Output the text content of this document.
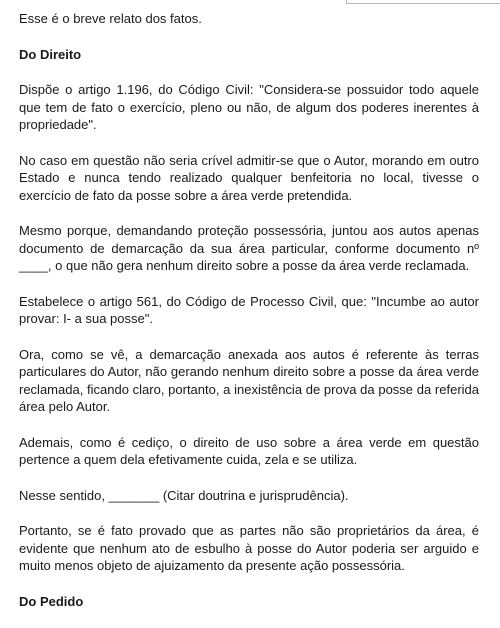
Esse é o breve relato dos fatos.

Do Direito

Dispõe o artigo 1.196, do Código Civil: "Considera-se possuidor todo aquele que tem de fato o exercício, pleno ou não, de algum dos poderes inerentes à propriedade".

No caso em questão não seria crível admitir-se que o Autor, morando em outro Estado e nunca tendo realizado qualquer benfeitoria no local, tivesse o exercício de fato da posse sobre a área verde pretendida.

Mesmo porque, demandando proteção possessória, juntou aos autos apenas documento de demarcação da sua área particular, conforme documento nº ____, o que não gera nenhum direito sobre a posse da área verde reclamada.

Estabelece o artigo 561, do Código de Processo Civil, que: "Incumbe ao autor provar: I- a sua posse".

Ora, como se vê, a demarcação anexada aos autos é referente às terras particulares do Autor, não gerando nenhum direito sobre a posse da área verde reclamada, ficando claro, portanto, a inexistência de prova da posse da referida área pelo Autor.

Ademais, como é cediço, o direito de uso sobre a área verde em questão pertence a quem dela efetivamente cuida, zela e se utiliza.

Nesse sentido, _______ (Citar doutrina e jurisprudência).

Portanto, se é fato provado que as partes não são proprietários da área, é evidente que nenhum ato de esbulho à posse do Autor poderia ser arguido e muito menos objeto de ajuizamento da presente ação possessória.

Do Pedido
